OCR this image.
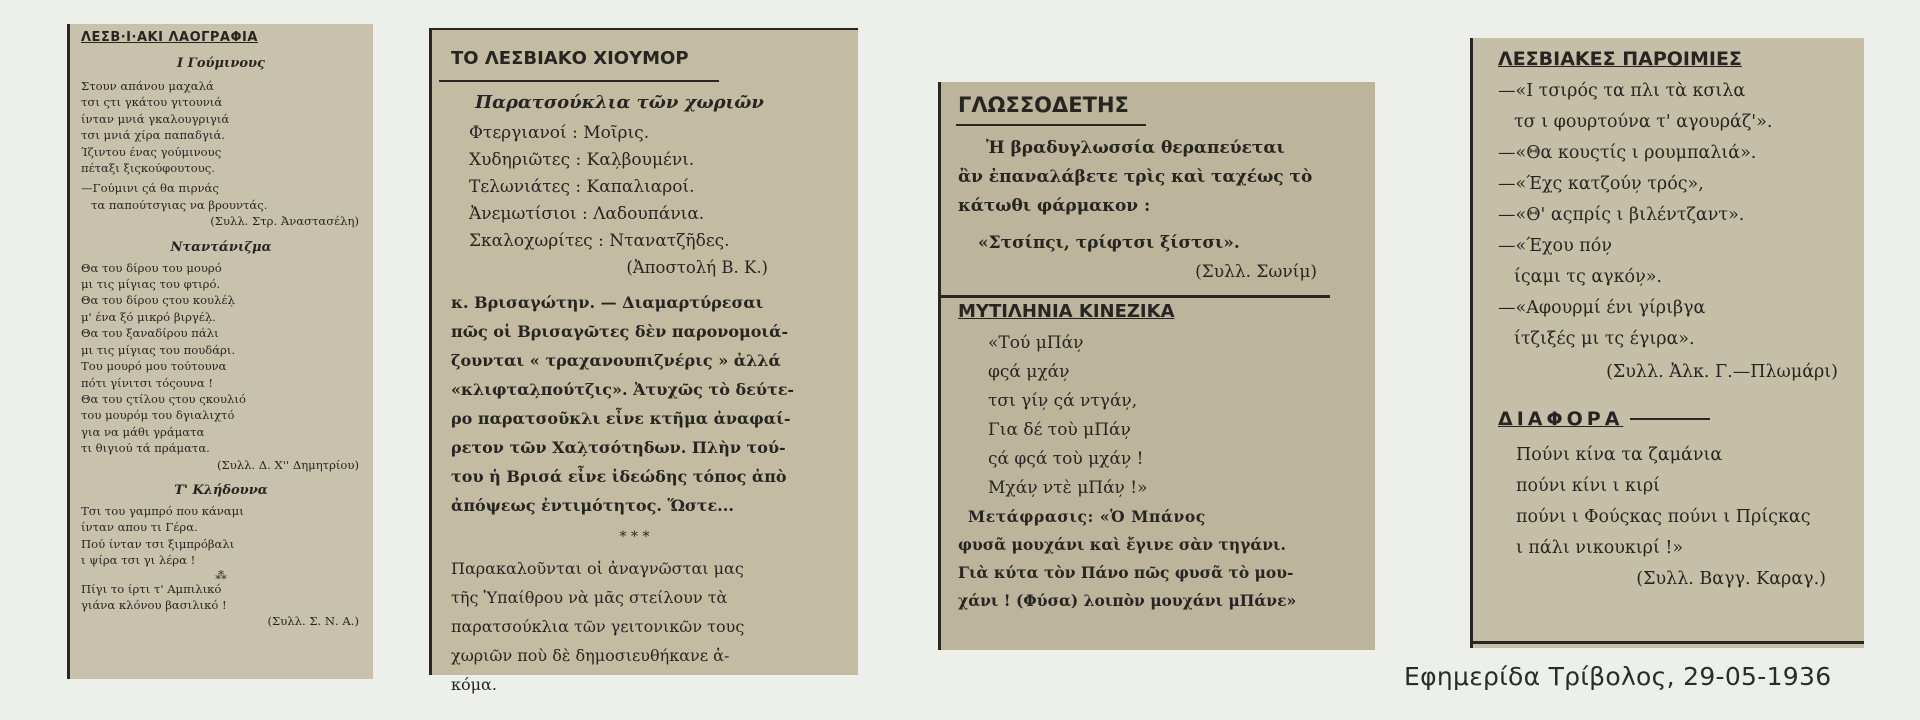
ΛΕΣΒ·Ι·ΑΚΙ ΛΑΟΓΡΑΦΙΑ
Ι Γούμινους
Στουν απάνου μαχαλά
τσι ςτι γκάτου γιτουνιά
ίνταν μνιά γκαλουγριγιά
τσι μνιά χίρα παπαδγιά.
Ίζιντου ένας γούμινους
πέταξι ξιςκούφουτους.
—Γούμινι ςά θα πιρνάς
τα παπούτσγιας να βρουντάς.
(Συλλ. Στρ. Ἀναστασέλη)
Νταντάνιζμα
Θα του δίρου του μουρό
μι τις μίγιας του φτιρό.
Θα του δίρου ςτου κουλέλ̦
μ' ένα ξό μικρό βιργέλ̦.
Θα του ξαναδίρου πάλι
μι τις μίγιας του πουδάρι.
Του μουρό μου τούτουνα
πότι γίνιτσι τόςουνα !
Θα του ςτίλου ςτου ςκουλιό
του μουρόμ του δγιαλιχτό
για να μάθι γράματα
τι θιγιού τά πράματα.
(Συλλ. Δ. Χ'' Δημητρίου)
Τ' Κλήδουνα
Τσι του γαμπρό που κάναμι
ίνταν απου τι Γέρα.
Πού ίνταν τσι ξιμπρόβαλι
ι ψίρα τσι γι λέρα !
⁂
Πίγι το ίρτι τ' Αμπιλικό
γιάνα κλόνου βασιλικό !
(Συλλ. Σ. Ν. Α.)
ΤΟ ΛΕΣΒΙΑΚΟ ΧΙΟΥΜΟΡ
Παρατσούκλια τῶν χωριῶν
Φτεργιανοί : Μοῖρις.
Χυδηριῶτες : Καλ̦βουμένι.
Τελωνιάτες : Καπαλιαροί.
Ἀνεμωτίσιοι : Λαδουπάνια.
Σκαλοχωρίτες : Ντανατζῆδες.
(Ἀποστολή Β. Κ.)
κ. Βρισαγώτην. — Διαμαρτύρεσαι
πῶς οἱ Βρισαγῶτες δὲν παρονομοιά-
ζουνται « τραχανουπιζνέρις » ἀλλά
«κλιφταλ̦πούτζις». Ἀτυχῶς τὸ δεύτε-
ρο παρατσοῦκλι εἶνε κτῆμα ἀναφαί-
ρετον τῶν Χαλ̦τσότηδων. Πλὴν τού-
του ἡ Βρισά εἶνε ἰδεώδης τόπος ἀπὸ
ἀπόψεως ἐντιμότητος. Ὥστε...
* * *
Παρακαλοῦνται οἱ ἀναγνῶσται μας
τῆς Ὑπαίθρου νὰ μᾶς στείλουν τὰ
παρατσούκλια τῶν γειτονικῶν τους
χωριῶν ποὺ δὲ δημοσιευθήκανε ἀ-
κόμα.
ΓΛΩΣΣΟΔΕΤΗΣ
Ἡ βραδυγλωσσία θεραπεύεται
ἂν ἐπαναλάβετε τρὶς καὶ ταχέως τὸ
κάτωθι φάρμακον :
«Στσίπςι, τρίφτσι ξίστσι».
(Συλλ. Σωνίμ)
ΜΥΤΙΛΗΝΙΑ ΚΙΝΕΖΙΚΑ
«Τού μΠάν̦
φςά μχάν̦
τσι γίν̦ ςά ντγάν̦,
Για δέ τοὺ μΠάν̦
ςά φςά τοὺ μχάν̦ !
Μχάν̦ ντὲ μΠάν̦ !»
Μετάφρασις: «Ὁ Μπάνος
φυσᾶ μουχάνι καὶ ἔγινε σὰν τηγάνι.
Γιὰ κύτα τὸν Πάνο πῶς φυσᾶ τὸ μου-
χάνι ! (Φύσα) λοιπὸν μουχάνι μΠάνε»
ΛΕΣΒΙΑΚΕΣ ΠΑΡΟΙΜΙΕΣ
—«Ι τσιρός τα πλι τὰ κσιλα
τσ ι φουρτούνα τ' αγουράζ'».
—«Θα κουςτίς ι ρουμπαλιά».
—«Έχ̦ς κατζούν̦ τρός»,
—«Θ' αςπρίς ι βιλέντζαντ».
—«Έχου πόν̦
ίςαμι τς αγκόν̦».
—«Αφουρμί ένι γίριβγα
ίτζιξές μι τς έγιρα».
(Συλλ. Ἀλκ. Γ.—Πλωμάρι)
ΔΙΑΦΟΡΑ
Πούνι κίνα τα ζαμάνια
πούνι κίνι ι κιρί
πούνι ι Φούςκας πούνι ι Πρίςκας
ι πάλι νικουκιρί !»
(Συλλ. Βαγγ. Καραγ.)
Εφημερίδα Τρίβολος, 29-05-1936
